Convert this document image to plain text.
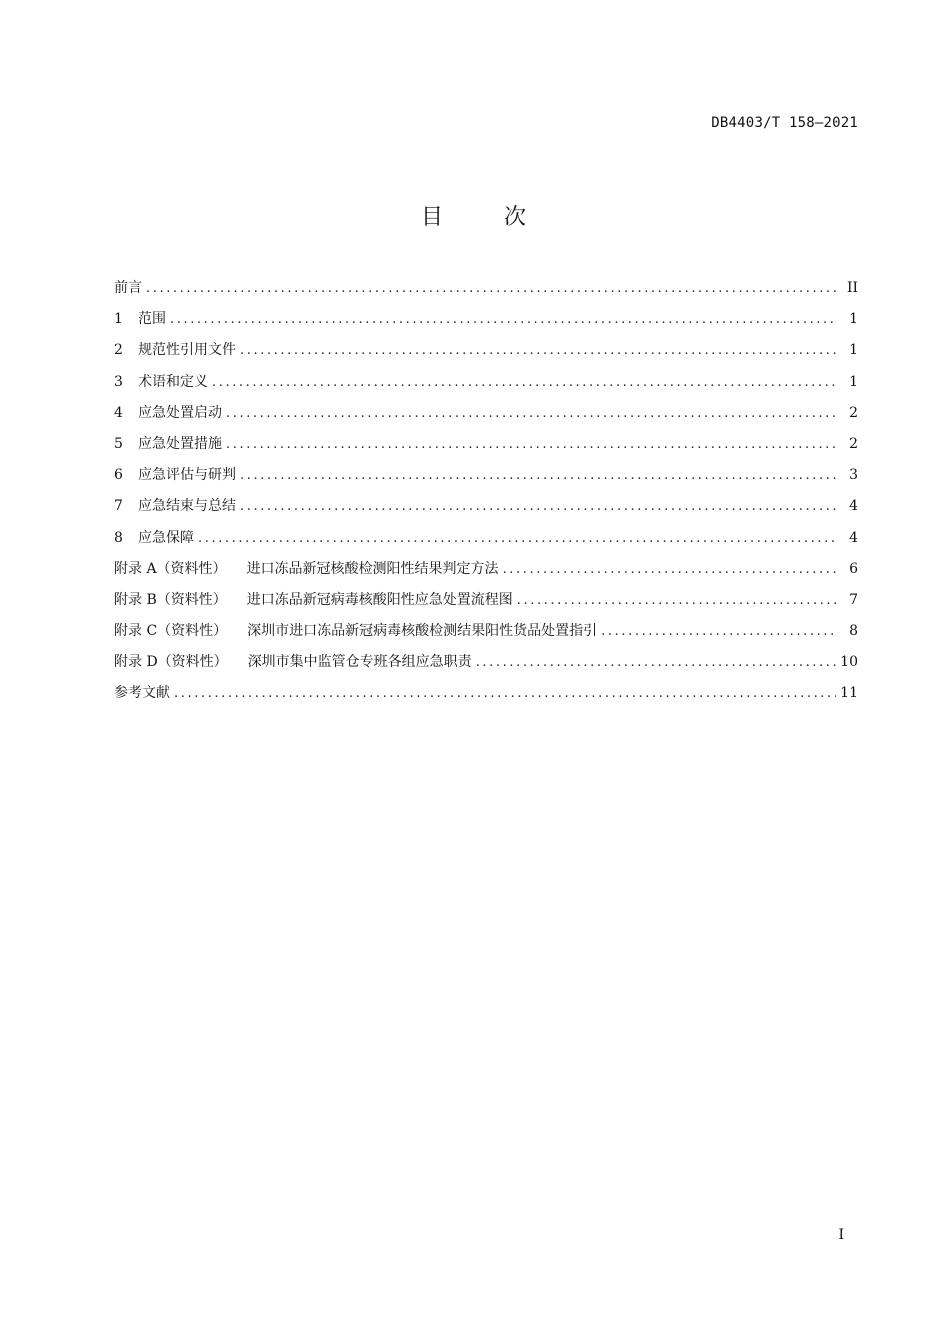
DB4403/T 158—2021
目	次
前言 .....	II
1	范围 .....	1
2	规范性引用文件 .....	1
3	术语和定义 .....	1
4	应急处置启动 .....	2
5	应急处置措施 .....	2
6	应急评估与研判 .....	3
7	应急结束与总结 .....	4
8	应急保障 .....	4
附录 A（资料性） 进口冻品新冠核酸检测阳性结果判定方法 .....	6
附录 B（资料性） 进口冻品新冠病毒核酸阳性应急处置流程图 .....	7
附录 C（资料性） 深圳市进口冻品新冠病毒核酸检测结果阳性货品处置指引 .....	8
附录 D（资料性） 深圳市集中监管仓专班各组应急职责 .....	10
参考文献 .....	11
I
